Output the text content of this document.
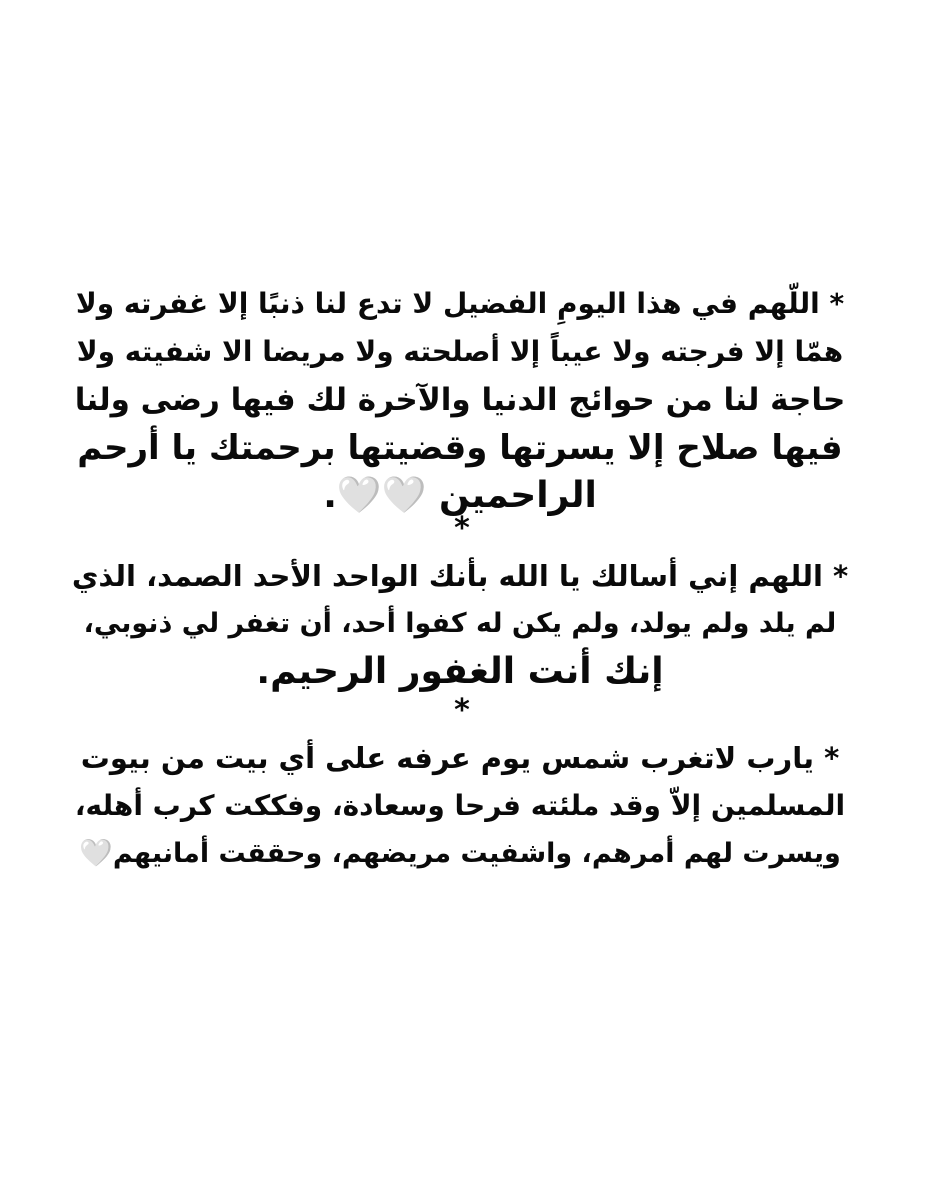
* اللّهم في هذا اليومِ الفضيل لا تدع لنا ذنبًا إلا غفرته ولا
همّا إلا فرجته ولا عيباً إلا أصلحته ولا مريضا الا شفيته ولا
حاجة لنا من حوائج الدنيا والآخرة لك فيها رضى ولنا
فيها صلاح إلا يسرتها وقضيتها برحمتك يا أرحم
الراحمين 🤍🤍.
*
* اللهم إني أسالك يا الله بأنك الواحد الأحد الصمد، الذي
لم يلد ولم يولد، ولم يكن له كفوا أحد، أن تغفر لي ذنوبي،
إنك أنت الغفور الرحيم.
*
* يارب لاتغرب شمس يوم عرفه على أي بيت من بيوت
المسلمين إلاّ وقد ملئته فرحا وسعادة، وفككت كرب أهله،
ويسرت لهم أمرهم، واشفيت مريضهم، وحققت أمانيهم🤍
